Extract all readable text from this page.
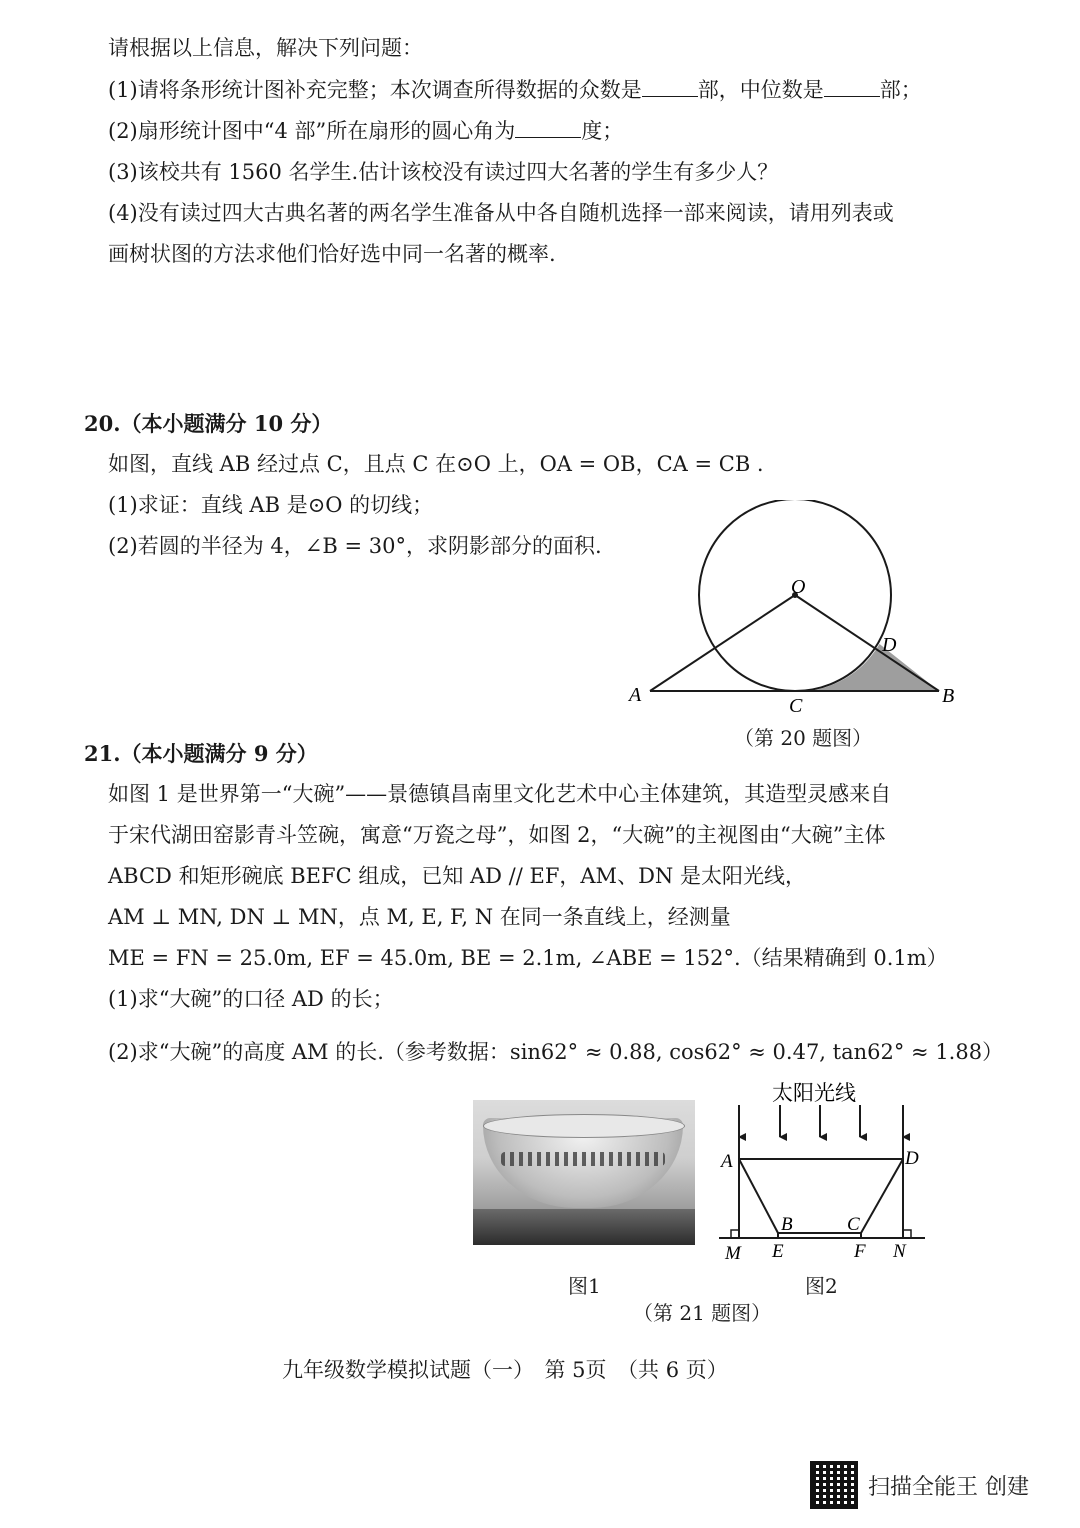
请根据以上信息，解决下列问题：
(1)请将条形统计图补充完整；本次调查所得数据的众数是	部，中位数是	部；
(2)扇形统计图中“4 部”所在扇形的圆心角为	度；
(3)该校共有 1560 名学生.估计该校没有读过四大名著的学生有多少人？
(4)没有读过四大古典名著的两名学生准备从中各自随机选择一部来阅读，请用列表或
画树状图的方法求他们恰好选中同一名著的概率.
20.（本小题满分 10 分）
如图，直线 AB 经过点 C，且点 C 在⊙O 上，OA = OB，CA = CB .
(1)求证：直线 AB 是⊙O 的切线；
(2)若圆的半径为 4，∠B = 30°，求阴影部分的面积.
O
D
A	B
C
（第 20 题图）
21.（本小题满分 9 分）
如图 1 是世界第一“大碗”——景德镇昌南里文化艺术中心主体建筑，其造型灵感来自
于宋代湖田窑影青斗笠碗，寓意“万瓷之母”，如图 2，“大碗”的主视图由“大碗”主体
ABCD 和矩形碗底 BEFC 组成，已知 AD // EF，AM、DN 是太阳光线，
AM ⊥ MN, DN ⊥ MN，点 M, E, F, N 在同一条直线上，经测量
ME = FN = 25.0m, EF = 45.0m, BE = 2.1m, ∠ABE = 152°.（结果精确到 0.1m）
(1)求“大碗”的口径 AD 的长；
(2)求“大碗”的高度 AM 的长.（参考数据：sin62° ≈ 0.88, cos62° ≈ 0.47, tan62° ≈ 1.88）
太阳光线
A	D
B	C
M E	F N
图1	图2
（第 21 题图）
九年级数学模拟试题（一）　第 5页　（共 6 页）
扫描全能王 创建
